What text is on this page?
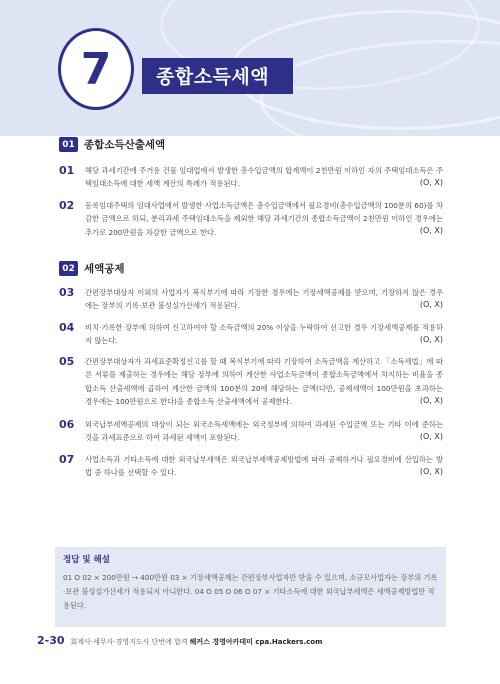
7	종합소득세액
01 종합소득산출세액
01 해당 과세기간에 주거용 건물 임대업에서 발생한 총수입금액의 합계액이 2천만원 이하인 자의 주택임대소득은 주택임대소득에 대한 세액 계산의 특례가 적용된다.	(O, X)
02 등록임대주택의 임대사업에서 발생한 사업소득금액은 총수입금액에서 필요경비(총수입금액의 100분의 60)를 차감한 금액으로 하되, 분리과세 주택임대소득을 제외한 해당 과세기간의 종합소득금액이 2천만원 이하인 경우에는 추가로 200만원을 차감한 금액으로 한다.	(O, X)
02 세액공제
03 간편장부대상자 이외의 사업자가 복식부기에 따라 기장한 경우에는 기장세액공제를 받으며, 기장하지 않은 경우에는 장부의 기록·보관 불성실가산세가 적용된다.	(O, X)
04 비치·기록한 장부에 의하여 신고하여야 할 소득금액의 20% 이상을 누락하여 신고한 경우 기장세액공제를 적용하지 않는다.	(O, X)
05 간편장부대상자가 과세표준확정신고를 할 때 복식부기에 따라 기장하여 소득금액을 계산하고 「소득세법」에 따른 서류를 제출하는 경우에는 해당 장부에 의하여 계산한 사업소득금액이 종합소득금액에서 차지하는 비율을 종합소득 산출세액에 곱하여 계산한 금액의 100분의 20에 해당하는 금액(다만, 공제세액이 100만원을 초과하는 경우에는 100만원으로 한다)을 종합소득 산출세액에서 공제한다.	(O, X)
06 외국납부세액공제의 대상이 되는 외국소득세액에는 외국정부에 의하여 과세된 수입금액 또는 기타 이에 준하는 것을 과세표준으로 하여 과세된 세액이 포함된다.	(O, X)
07 사업소득과 기타소득에 대한 외국납부세액은 외국납부세액공제방법에 따라 공제하거나 필요경비에 산입하는 방법 중 하나를 선택할 수 있다.	(O, X)
정답 및 해설
01 O 02 × 200만원 → 400만원 03 × 기장세액공제는 간편장부사업자만 받을 수 있으며, 소규모사업자는 장부의 기록·보관 불성실가산세가 적용되지 아니한다. 04 O 05 O 06 O 07 × 기타소득에 대한 외국납부세액은 세액공제방법만 적용된다.
2-30 회계사·세무사·경영지도사 단번에 합격 해커스 경영아카데미 cpa.Hackers.com
